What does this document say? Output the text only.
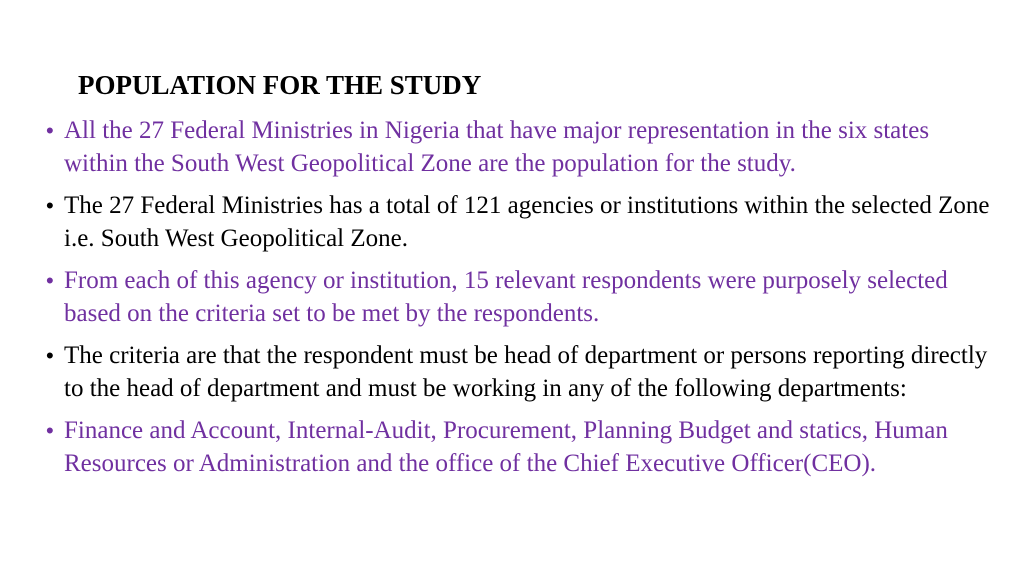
POPULATION FOR THE STUDY
• All the 27 Federal Ministries in Nigeria that have major representation in the six states within the South West Geopolitical Zone are the population for the study.
• The 27 Federal Ministries has a total of 121 agencies or institutions within the selected Zone i.e. South West Geopolitical Zone.
• From each of this agency or institution, 15 relevant respondents were purposely selected based on the criteria set to be met by the respondents.
• The criteria are that the respondent must be head of department or persons reporting directly to the head of department and must be working in any of the following departments:
• Finance and Account, Internal-Audit, Procurement, Planning Budget and statics, Human Resources or Administration and the office of the Chief Executive Officer(CEO).
